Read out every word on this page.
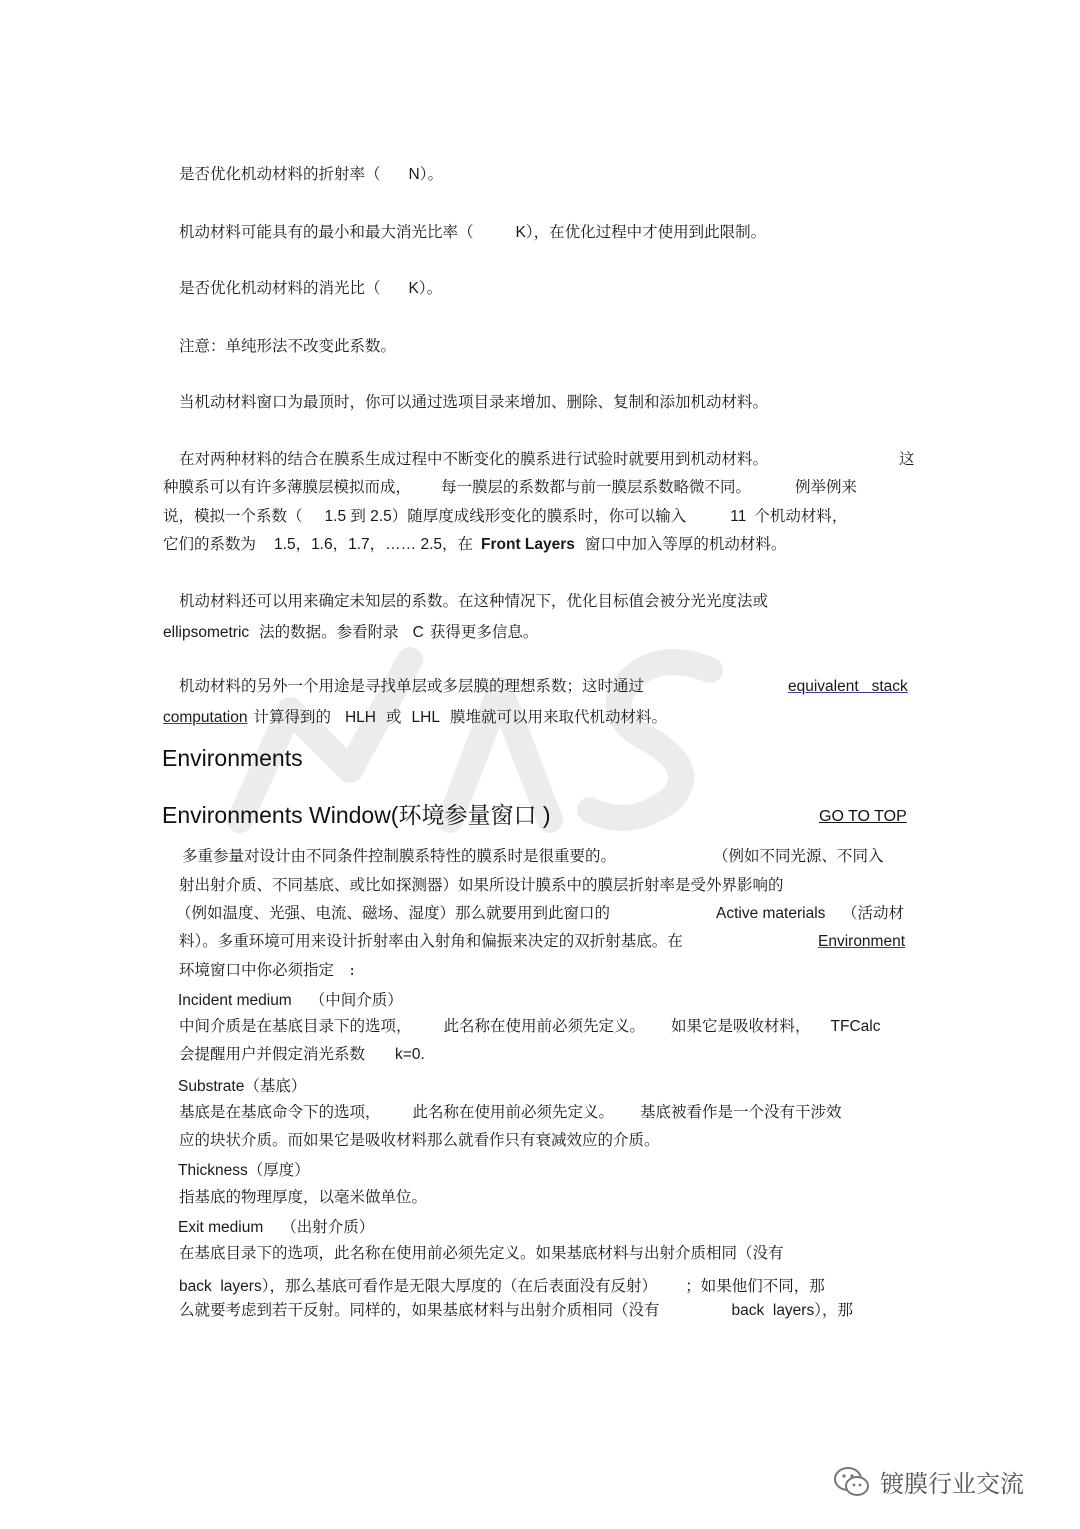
是否优化机动材料的折射率（ N）。
机动材料可能具有的最小和最大消光比率（	K），在优化过程中才使用到此限制。
是否优化机动材料的消光比（ K）。
注意：单纯形法不改变此系数。
当机动材料窗口为最顶时，你可以通过选项目录来增加、删除、复制和添加机动材料。
在对两种材料的结合在膜系生成过程中不断变化的膜系进行试验时就要用到机动材料。	这
种膜系可以有许多薄膜层模拟而成， 每一膜层的系数都与前一膜层系数略微不同。	例举例来
说，模拟一个系数（ 1.5 到 2.5）随厚度成线形变化的膜系时，你可以输入	11 个机动材料，
它们的系数为 1.5，1.6，1.7，…… 2.5，在 Front Layers 窗口中加入等厚的机动材料。
机动材料还可以用来确定未知层的系数。在这种情况下，优化目标值会被分光光度法或
ellipsometric 法的数据。参看附录 C 获得更多信息。
机动材料的另外一个用途是寻找单层或多层膜的理想系数；这时通过	equivalent   stack
computation 计算得到的 HLH 或 LHL 膜堆就可以用来取代机动材料。
Environments
Environments Window(环境参量窗口 )	GO TO TOP
多重参量对设计由不同条件控制膜系特性的膜系时是很重要的。	（例如不同光源、不同入
射出射介质、不同基底、或比如探测器）如果所设计膜系中的膜层折射率是受外界影响的
（例如温度、光强、电流、磁场、湿度）那么就要用到此窗口的	Active materials （活动材
料）。多重环境可用来设计折射率由入射角和偏振来决定的双折射基底。在	Environment
环境窗口中你必须指定　:
Incident medium （中间介质）
中间介质是在基底目录下的选项， 此名称在使用前必须先定义。 如果它是吸收材料， TFCalc
会提醒用户并假定消光系数 k=0.
Substrate（基底）
基底是在基底命令下的选项， 此名称在使用前必须先定义。 基底被看作是一个没有干涉效
应的块状介质。而如果它是吸收材料那么就看作只有衰减效应的介质。
Thickness（厚度）
指基底的物理厚度，以毫米做单位。
Exit medium （出射介质）
在基底目录下的选项，此名称在使用前必须先定义。如果基底材料与出射介质相同（没有
back  layers），那么基底可看作是无限大厚度的（在后表面没有反射） ；如果他们不同，那
么就要考虑到若干反射。同样的，如果基底材料与出射介质相同（没有	back  layers），那
镀膜行业交流
